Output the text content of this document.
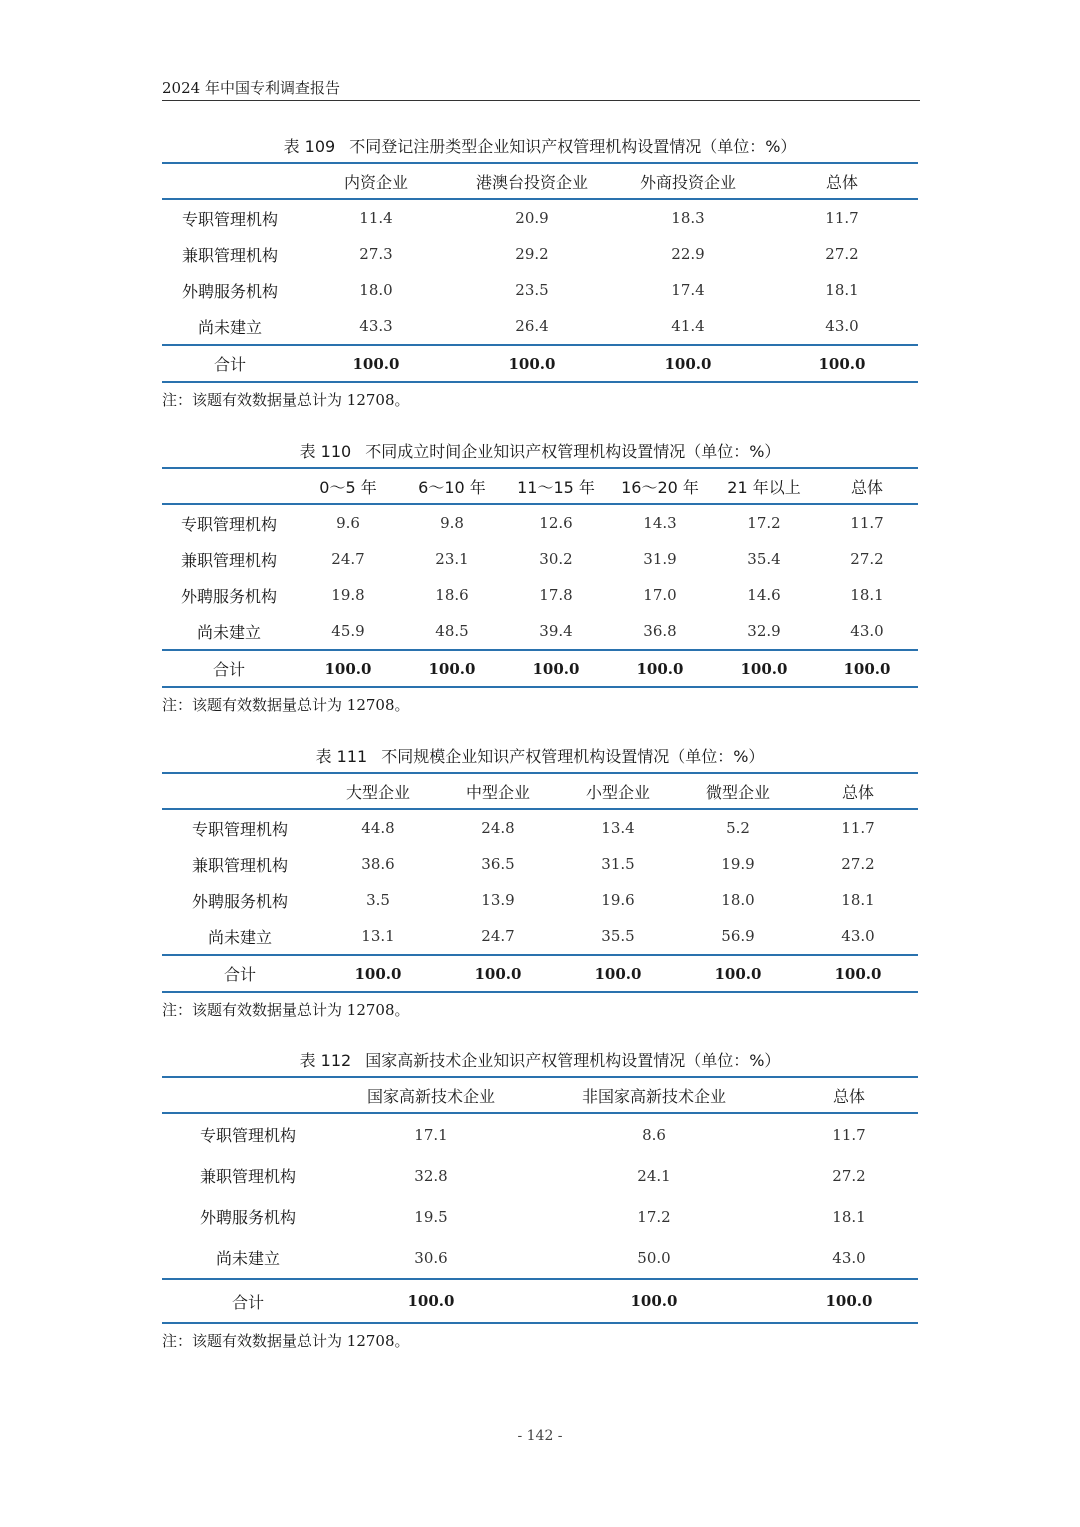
2024 年中国专利调查报告
表 109 不同登记注册类型企业知识产权管理机构设置情况（单位：%）
	内资企业	港澳台投资企业	外商投资企业	总体
专职管理机构	11.4	20.9	18.3	11.7
兼职管理机构	27.3	29.2	22.9	27.2
外聘服务机构	18.0	23.5	17.4	18.1
尚未建立	43.3	26.4	41.4	43.0
合计	100.0	100.0	100.0	100.0
注：该题有效数据量总计为 12708。
表 110 不同成立时间企业知识产权管理机构设置情况（单位：%）
	0～5 年	6～10 年	11～15 年	16～20 年	21 年以上	总体
专职管理机构	9.6	9.8	12.6	14.3	17.2	11.7
兼职管理机构	24.7	23.1	30.2	31.9	35.4	27.2
外聘服务机构	19.8	18.6	17.8	17.0	14.6	18.1
尚未建立	45.9	48.5	39.4	36.8	32.9	43.0
合计	100.0	100.0	100.0	100.0	100.0	100.0
注：该题有效数据量总计为 12708。
表 111 不同规模企业知识产权管理机构设置情况（单位：%）
	大型企业	中型企业	小型企业	微型企业	总体
专职管理机构	44.8	24.8	13.4	5.2	11.7
兼职管理机构	38.6	36.5	31.5	19.9	27.2
外聘服务机构	3.5	13.9	19.6	18.0	18.1
尚未建立	13.1	24.7	35.5	56.9	43.0
合计	100.0	100.0	100.0	100.0	100.0
注：该题有效数据量总计为 12708。
表 112 国家高新技术企业知识产权管理机构设置情况（单位：%）
	国家高新技术企业	非国家高新技术企业	总体
专职管理机构	17.1	8.6	11.7
兼职管理机构	32.8	24.1	27.2
外聘服务机构	19.5	17.2	18.1
尚未建立	30.6	50.0	43.0
合计	100.0	100.0	100.0
注：该题有效数据量总计为 12708。
- 142 -
